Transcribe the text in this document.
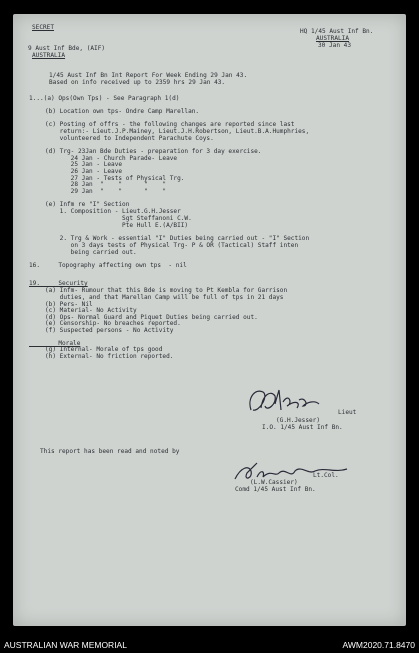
SECRET
9 Aust Inf Bde, (AIF)
AUSTRALIA
HQ 1/45 Aust Inf Bn.
AUSTRALIA
30 Jan 43
1/45 Aust Inf Bn Int Report For Week Ending 29 Jan 43.
Based on info received up to 2359 hrs 29 Jan 43.
1...(a) Ops(Own Tps) - See Paragraph 1(d)
(b) Location own tps- Ondre Camp Marellan.
(c) Posting of offrs - the following changes are reported since last
return:- Lieut.J.P.Mainey, Lieut.J.H.Robertson, Lieut.B.A.Humphries,
volunteered to Independent Parachute Coys.
(d) Trg- 23Jan Bde Duties - preparation for 3 day exercise.
24 Jan - Church Parade- Leave
25 Jan - Leave
26 Jan - Leave
27 Jan - Tests of Physical Trg.
28 Jan  "    "      "    "
29 Jan  "    "      "    "
(e) Infm re "I" Section
1. Composition - Lieut.G.H.Jesser
Sgt Steffanoni C.W.
Pte Hull E.(A/BII)
2. Trg & Work - essential "I" Duties being carried out - "I" Section
on 3 days tests of Physical Trg- P & OR (Tactical) Staff inten
being carried out.
16.     Topography affecting own tps  - nil
19.     Security
(a) Infm- Rumour that this Bde is moving to Pt Kembla for Garrison
duties, and that Marellan Camp will be full of tps in 21 days
(b) Pers- Nil
(c) Material- No Activity
(d) Ops- Normal Guard and Piquet Duties being carried out.
(e) Censorship- No breaches reported.
(f) Suspected persons - No Activity
Morale
(g) Internal- Morale of tps good
(h) External- No friction reported.
Lieut
(G.H.Jesser)
I.O. 1/45 Aust Inf Bn.
This report has been read and noted by
Lt.Col.
(L.W.Cassier)
Comd 1/45 Aust Inf Bn.
AUSTRALIAN WAR MEMORIAL	AWM2020.71.8470
